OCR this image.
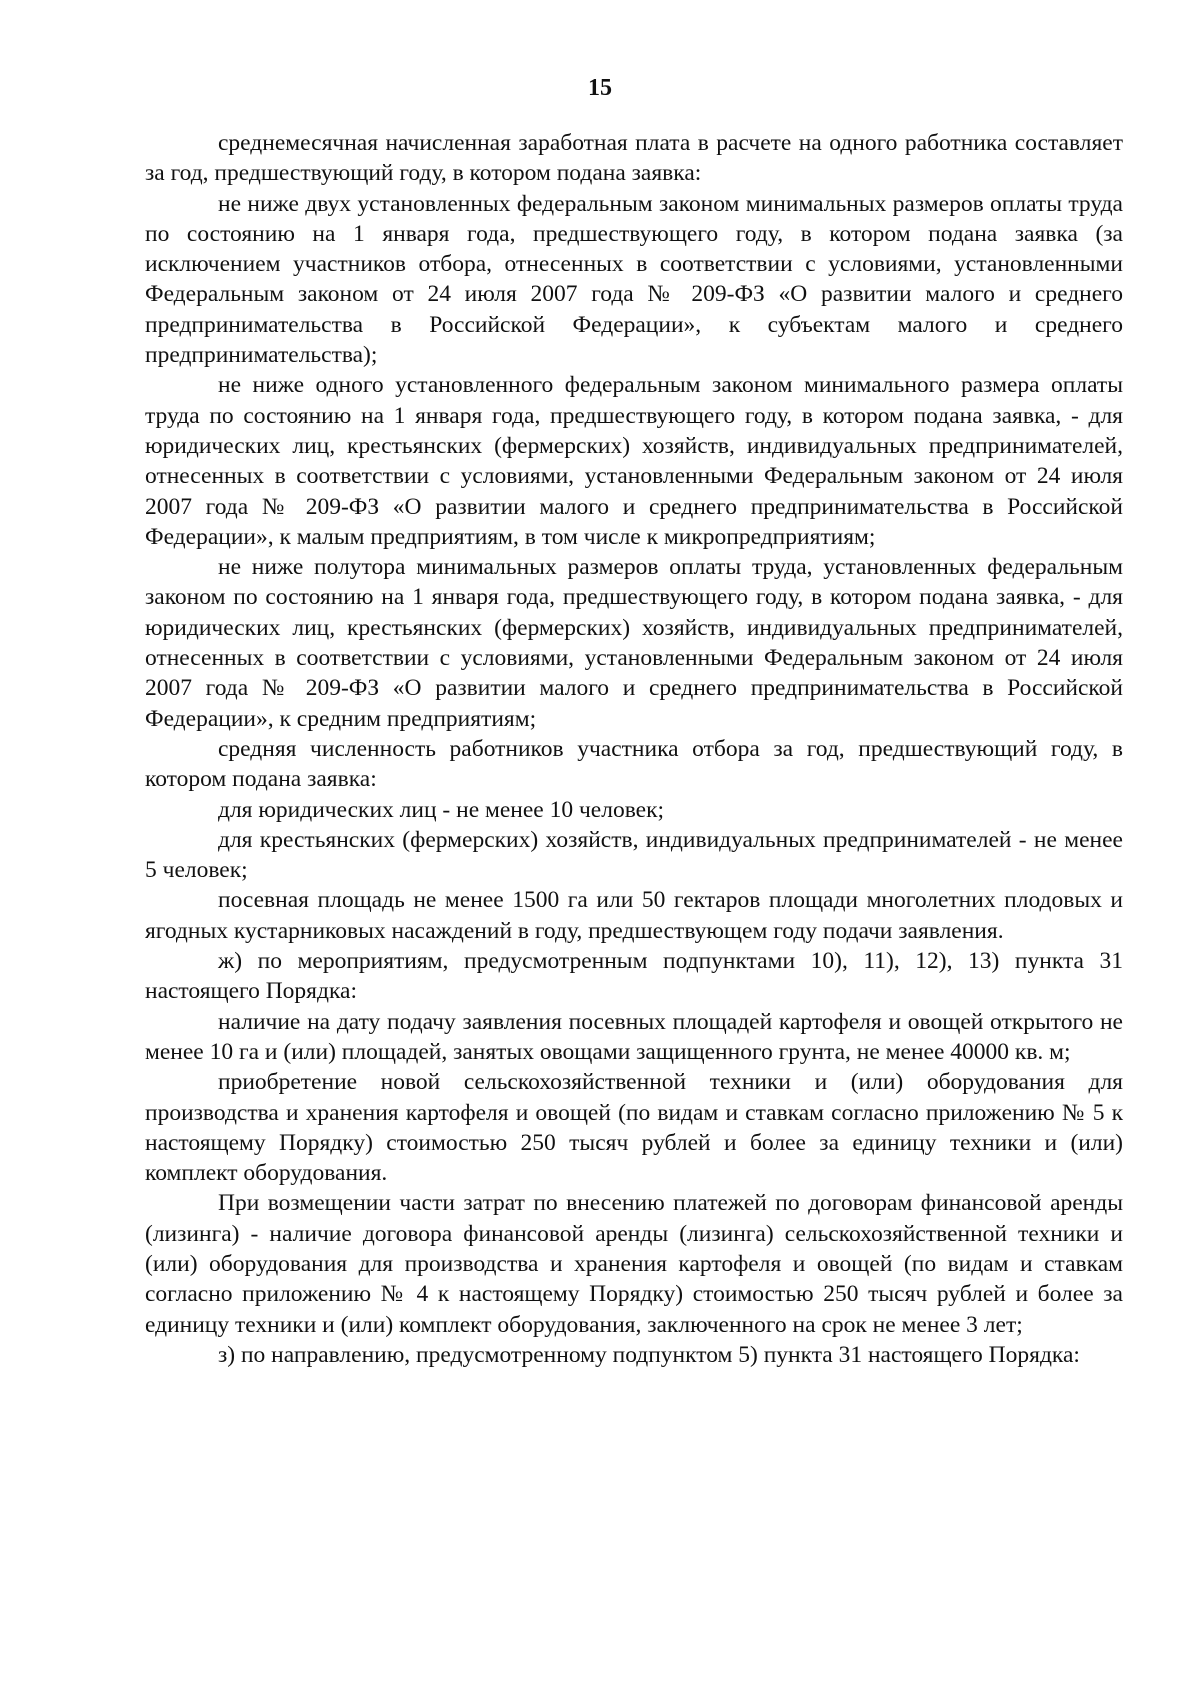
15

среднемесячная начисленная заработная плата в расчете на одного работника составляет за год, предшествующий году, в котором подана заявка:

не ниже двух установленных федеральным законом минимальных размеров оплаты труда по состоянию на 1 января года, предшествующего году, в котором подана заявка (за исключением участников отбора, отнесенных в соответствии с условиями, установленными Федеральным законом от 24 июля 2007 года № 209-ФЗ «О развитии малого и среднего предпринимательства в Российской Федерации», к субъектам малого и среднего предпринимательства);

не ниже одного установленного федеральным законом минимального размера оплаты труда по состоянию на 1 января года, предшествующего году, в котором подана заявка, - для юридических лиц, крестьянских (фермерских) хозяйств, индивидуальных предпринимателей, отнесенных в соответствии с условиями, установленными Федеральным законом от 24 июля 2007 года № 209-ФЗ «О развитии малого и среднего предпринимательства в Российской Федерации», к малым предприятиям, в том числе к микропредприятиям;

не ниже полутора минимальных размеров оплаты труда, установленных федеральным законом по состоянию на 1 января года, предшествующего году, в котором подана заявка, - для юридических лиц, крестьянских (фермерских) хозяйств, индивидуальных предпринимателей, отнесенных в соответствии с условиями, установленными Федеральным законом от 24 июля 2007 года № 209-ФЗ «О развитии малого и среднего предпринимательства в Российской Федерации», к средним предприятиям;

средняя численность работников участника отбора за год, предшествующий году, в котором подана заявка:

для юридических лиц - не менее 10 человек;

для крестьянских (фермерских) хозяйств, индивидуальных предпринимателей - не менее 5 человек;

посевная площадь не менее 1500 га или 50 гектаров площади многолетних плодовых и ягодных кустарниковых насаждений в году, предшествующем году подачи заявления.

ж) по мероприятиям, предусмотренным подпунктами 10), 11), 12), 13) пункта 31 настоящего Порядка:

наличие на дату подачу заявления посевных площадей картофеля и овощей открытого не менее 10 га и (или) площадей, занятых овощами защищенного грунта, не менее 40000 кв. м;

приобретение новой сельскохозяйственной техники и (или) оборудования для производства и хранения картофеля и овощей (по видам и ставкам согласно приложению № 5 к настоящему Порядку) стоимостью 250 тысяч рублей и более за единицу техники и (или) комплект оборудования.

При возмещении части затрат по внесению платежей по договорам финансовой аренды (лизинга) - наличие договора финансовой аренды (лизинга) сельскохозяйственной техники и (или) оборудования для производства и хранения картофеля и овощей (по видам и ставкам согласно приложению № 4 к настоящему Порядку) стоимостью 250 тысяч рублей и более за единицу техники и (или) комплект оборудования, заключенного на срок не менее 3 лет;

з) по направлению, предусмотренному подпунктом 5) пункта 31 настоящего Порядка:
